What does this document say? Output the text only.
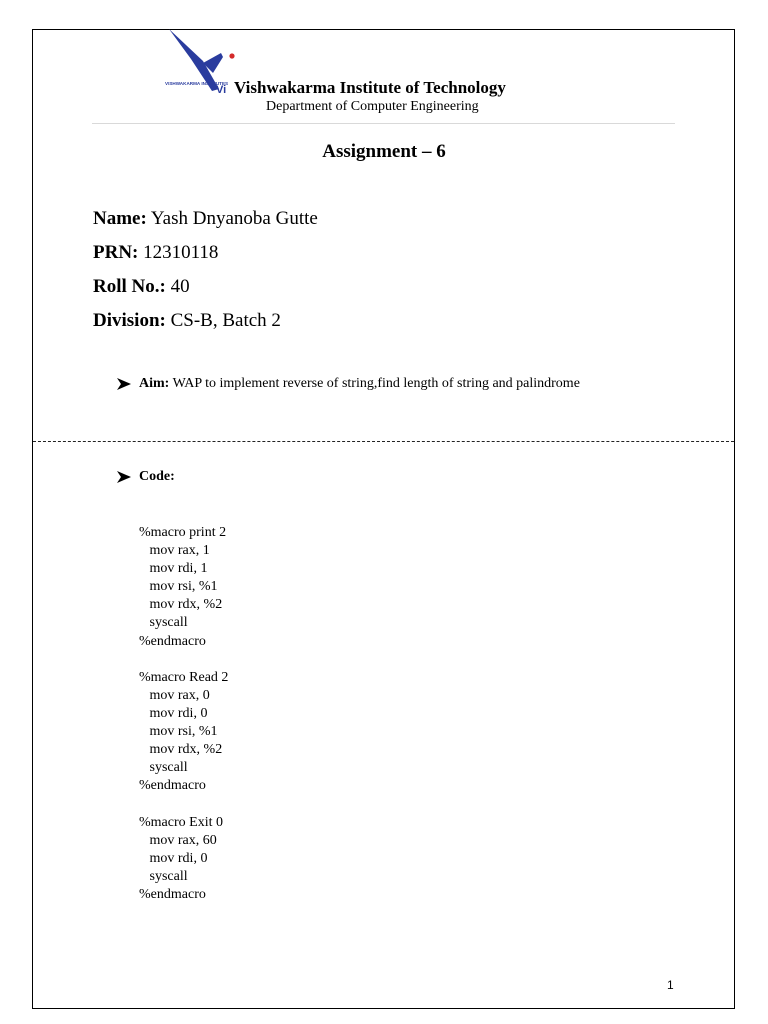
VISHWAKARMA INSTITUTES
Vi Vishwakarma Institute of Technology
Department of Computer Engineering
Assignment – 6
Name: Yash Dnyanoba Gutte
PRN: 12310118
Roll No.: 40
Division: CS-B, Batch 2
Aim: WAP to implement reverse of string,find length of string and palindrome
Code:
%macro print 2
mov rax, 1
mov rdi, 1
mov rsi, %1
mov rdx, %2
syscall
%endmacro
%macro Read 2
mov rax, 0
mov rdi, 0
mov rsi, %1
mov rdx, %2
syscall
%endmacro
%macro Exit 0
mov rax, 60
mov rdi, 0
syscall
%endmacro
1
